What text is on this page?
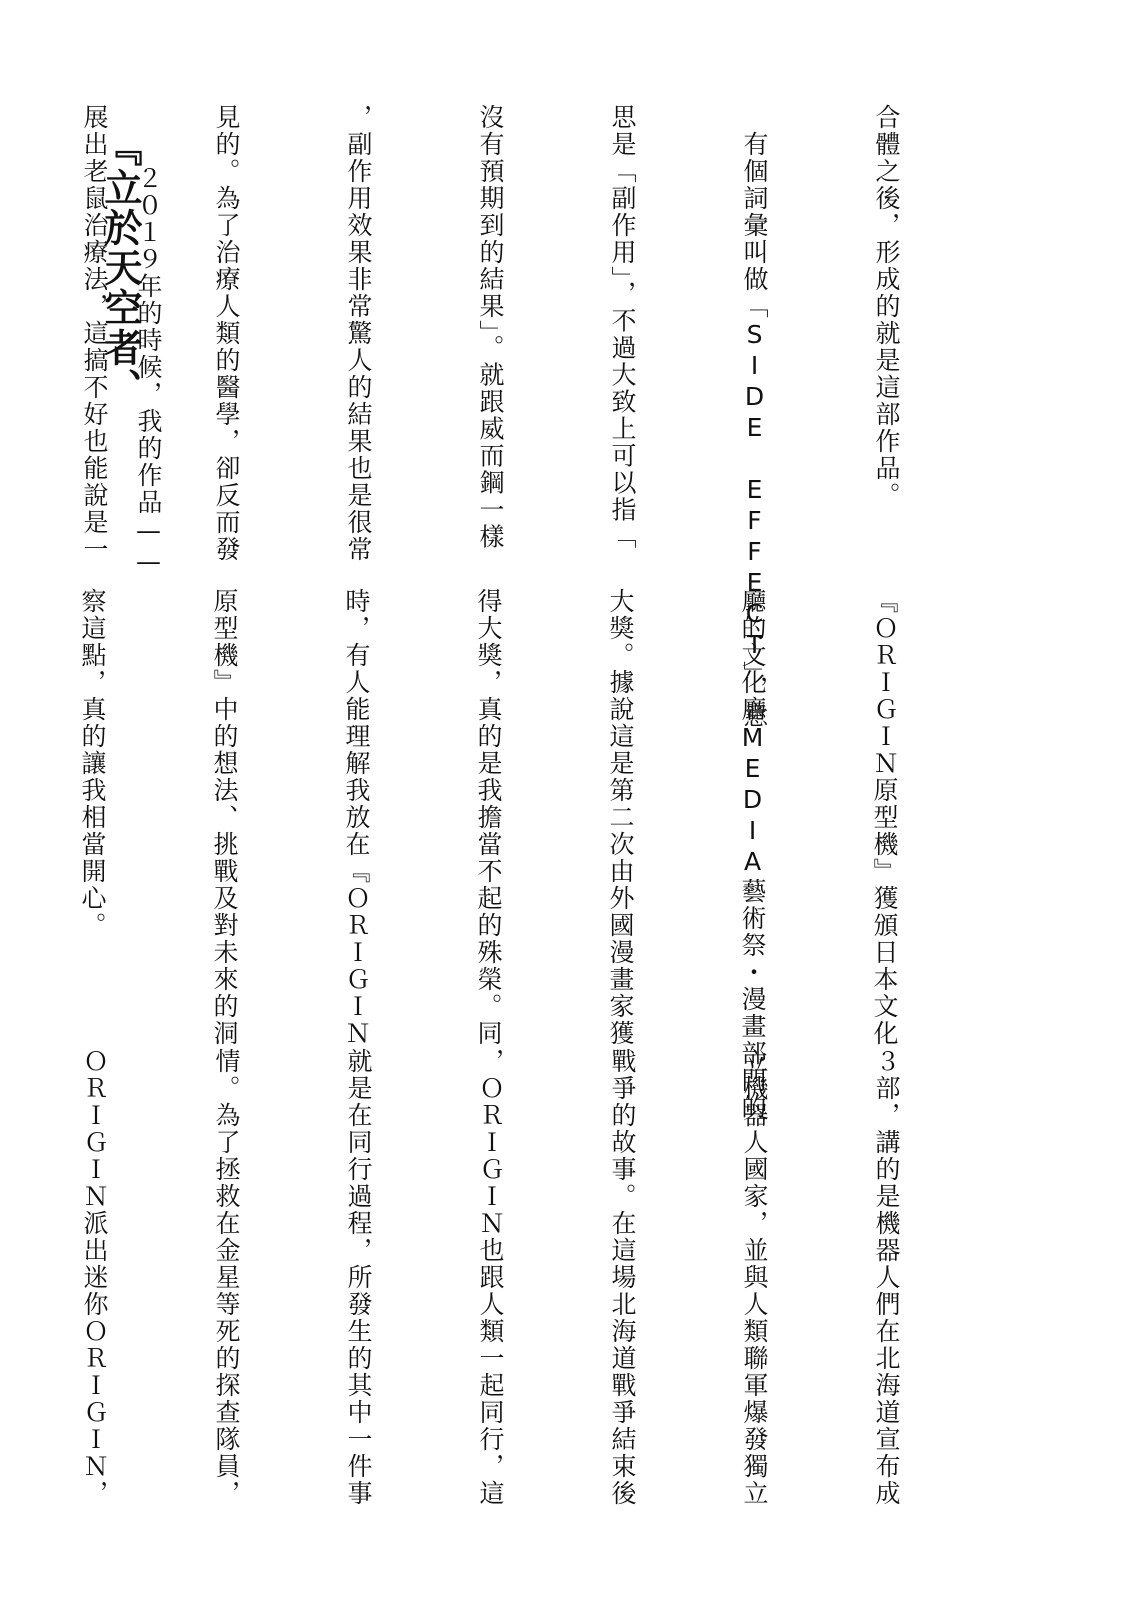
合體之後，形成的就是這部作品。

　有個詞彙叫做「SIDE EFFECT」，意

思是「副作用」，不過大致上可以指「

沒有預期到的結果」。就跟威而鋼一樣

，副作用效果非常驚人的結果也是很常

見的。為了治療人類的醫學，卻反而發

展出老鼠治療法，這搞不好也能說是一

『立於天空者、

　２０１９年的時候，我的作品——

『ＯＲＩＧＩＮ原型機』獲頒日本文化

廳的文化廳MEDIA藝術祭・漫畫部門的

大獎。據說這是第二次由外國漫畫家獲

得大獎，真的是我擔當不起的殊榮。同

時，有人能理解我放在『ＯＲＩＧＩＮ

原型機』中的想法、挑戰及對未來的洞

察這點，真的讓我相當開心。

３部，講的是機器人們在北海道宣布成

立機器人國家，並與人類聯軍爆發獨立

戰爭的故事。在這場北海道戰爭結束後

，ＯＲＩＧＩＮ也跟人類一起同行，這

就是在同行過程，所發生的其中一件事

情。為了拯救在金星等死的探查隊員，

ＯＲＩＧＩＮ派出迷你ＯＲＩＧＩＮ，
